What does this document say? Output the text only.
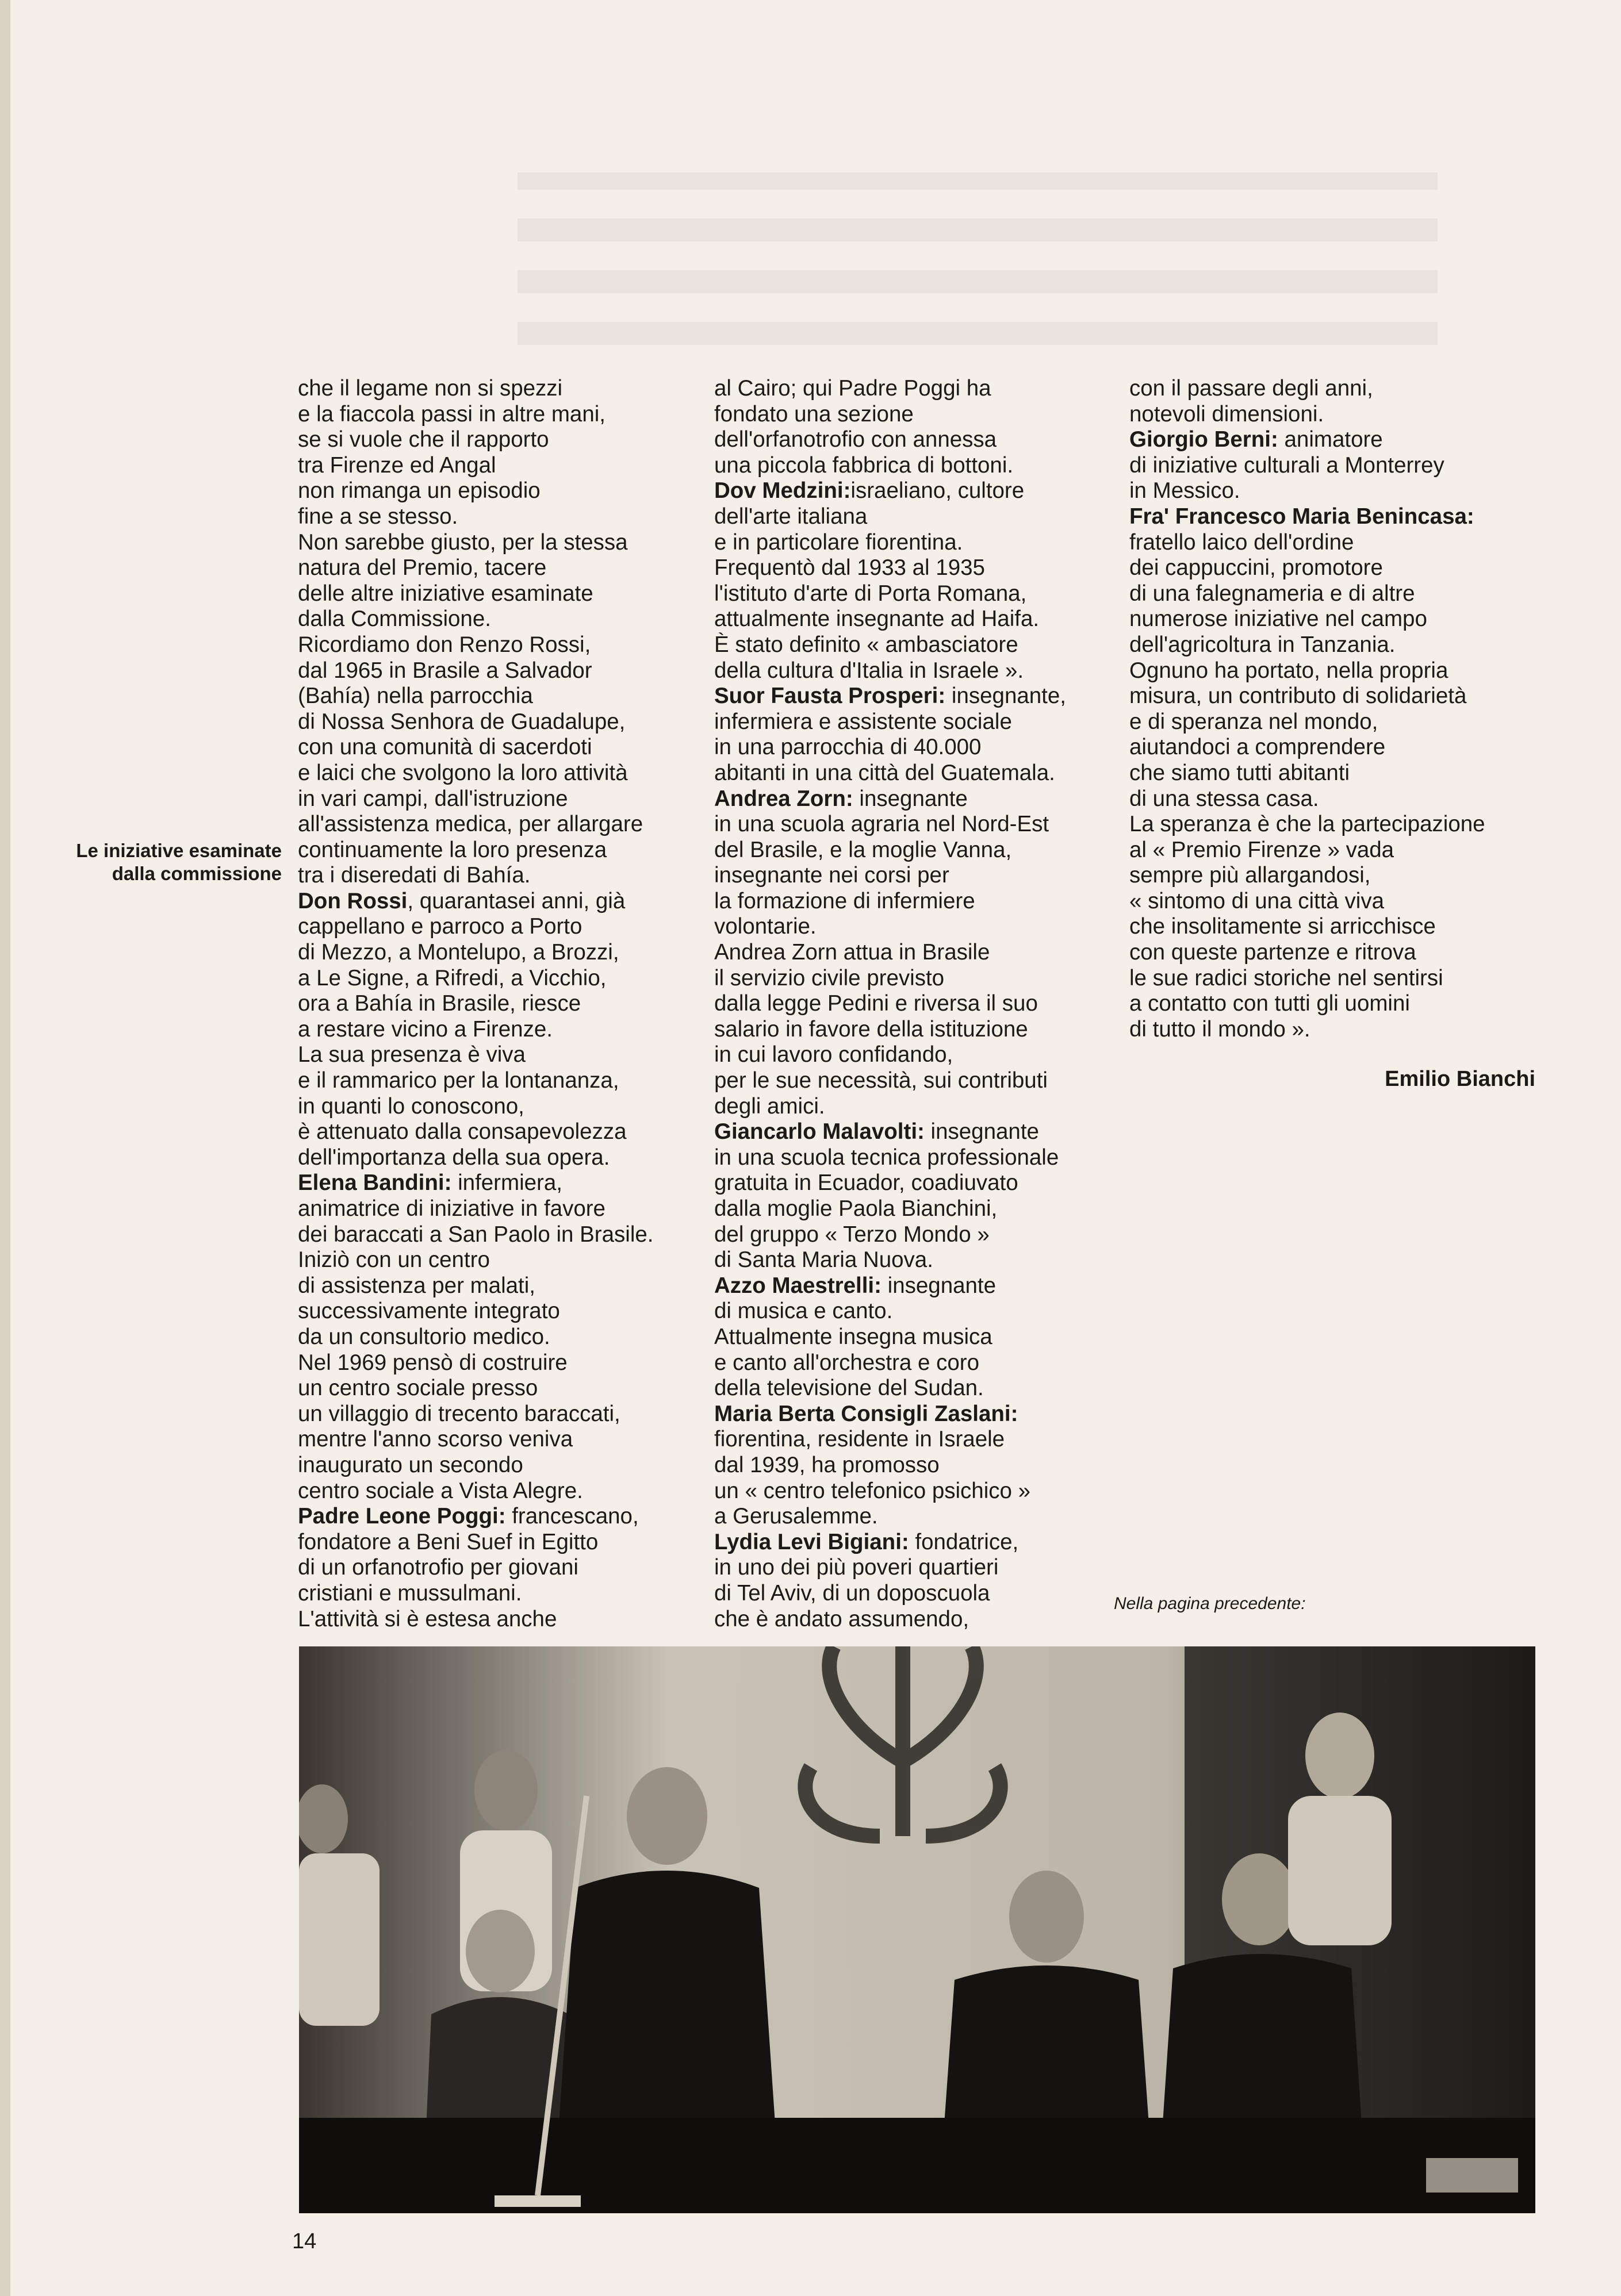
Le iniziative esaminate
dalla commissione
che il legame non si spezzi
e la fiaccola passi in altre mani,
se si vuole che il rapporto
tra Firenze ed Angal
non rimanga un episodio
fine a se stesso.
Non sarebbe giusto, per la stessa
natura del Premio, tacere
delle altre iniziative esaminate
dalla Commissione.
Ricordiamo don Renzo Rossi,
dal 1965 in Brasile a Salvador
(Bahía) nella parrocchia
di Nossa Senhora de Guadalupe,
con una comunità di sacerdoti
e laici che svolgono la loro attività
in vari campi, dall'istruzione
all'assistenza medica, per allargare
continuamente la loro presenza
tra i diseredati di Bahía.
Don Rossi, quarantasei anni, già
cappellano e parroco a Porto
di Mezzo, a Montelupo, a Brozzi,
a Le Signe, a Rifredi, a Vicchio,
ora a Bahía in Brasile, riesce
a restare vicino a Firenze.
La sua presenza è viva
e il rammarico per la lontananza,
in quanti lo conoscono,
è attenuato dalla consapevolezza
dell'importanza della sua opera.
Elena Bandini: infermiera,
animatrice di iniziative in favore
dei baraccati a San Paolo in Brasile.
Iniziò con un centro
di assistenza per malati,
successivamente integrato
da un consultorio medico.
Nel 1969 pensò di costruire
un centro sociale presso
un villaggio di trecento baraccati,
mentre l'anno scorso veniva
inaugurato un secondo
centro sociale a Vista Alegre.
Padre Leone Poggi: francescano,
fondatore a Beni Suef in Egitto
di un orfanotrofio per giovani
cristiani e mussulmani.
L'attività si è estesa anche
al Cairo; qui Padre Poggi ha
fondato una sezione
dell'orfanotrofio con annessa
una piccola fabbrica di bottoni.
Dov Medzini:israeliano, cultore
dell'arte italiana
e in particolare fiorentina.
Frequentò dal 1933 al 1935
l'istituto d'arte di Porta Romana,
attualmente insegnante ad Haifa.
È stato definito « ambasciatore
della cultura d'Italia in Israele ».
Suor Fausta Prosperi: insegnante,
infermiera e assistente sociale
in una parrocchia di 40.000
abitanti in una città del Guatemala.
Andrea Zorn: insegnante
in una scuola agraria nel Nord-Est
del Brasile, e la moglie Vanna,
insegnante nei corsi per
la formazione di infermiere
volontarie.
Andrea Zorn attua in Brasile
il servizio civile previsto
dalla legge Pedini e riversa il suo
salario in favore della istituzione
in cui lavoro confidando,
per le sue necessità, sui contributi
degli amici.
Giancarlo Malavolti: insegnante
in una scuola tecnica professionale
gratuita in Ecuador, coadiuvato
dalla moglie Paola Bianchini,
del gruppo « Terzo Mondo »
di Santa Maria Nuova.
Azzo Maestrelli: insegnante
di musica e canto.
Attualmente insegna musica
e canto all'orchestra e coro
della televisione del Sudan.
Maria Berta Consigli Zaslani:
fiorentina, residente in Israele
dal 1939, ha promosso
un « centro telefonico psichico »
a Gerusalemme.
Lydia Levi Bigiani: fondatrice,
in uno dei più poveri quartieri
di Tel Aviv, di un doposcuola
che è andato assumendo,
con il passare degli anni,
notevoli dimensioni.
Giorgio Berni: animatore
di iniziative culturali a Monterrey
in Messico.
Fra' Francesco Maria Benincasa:
fratello laico dell'ordine
dei cappuccini, promotore
di una falegnameria e di altre
numerose iniziative nel campo
dell'agricoltura in Tanzania.
Ognuno ha portato, nella propria
misura, un contributo di solidarietà
e di speranza nel mondo,
aiutandoci a comprendere
che siamo tutti abitanti
di una stessa casa.
La speranza è che la partecipazione
al « Premio Firenze » vada
sempre più allargandosi,
« sintomo di una città viva
che insolitamente si arricchisce
con queste partenze e ritrova
le sue radici storiche nel sentirsi
a contatto con tutti gli uomini
di tutto il mondo ».
Emilio Bianchi

Nella pagina precedente:

14
